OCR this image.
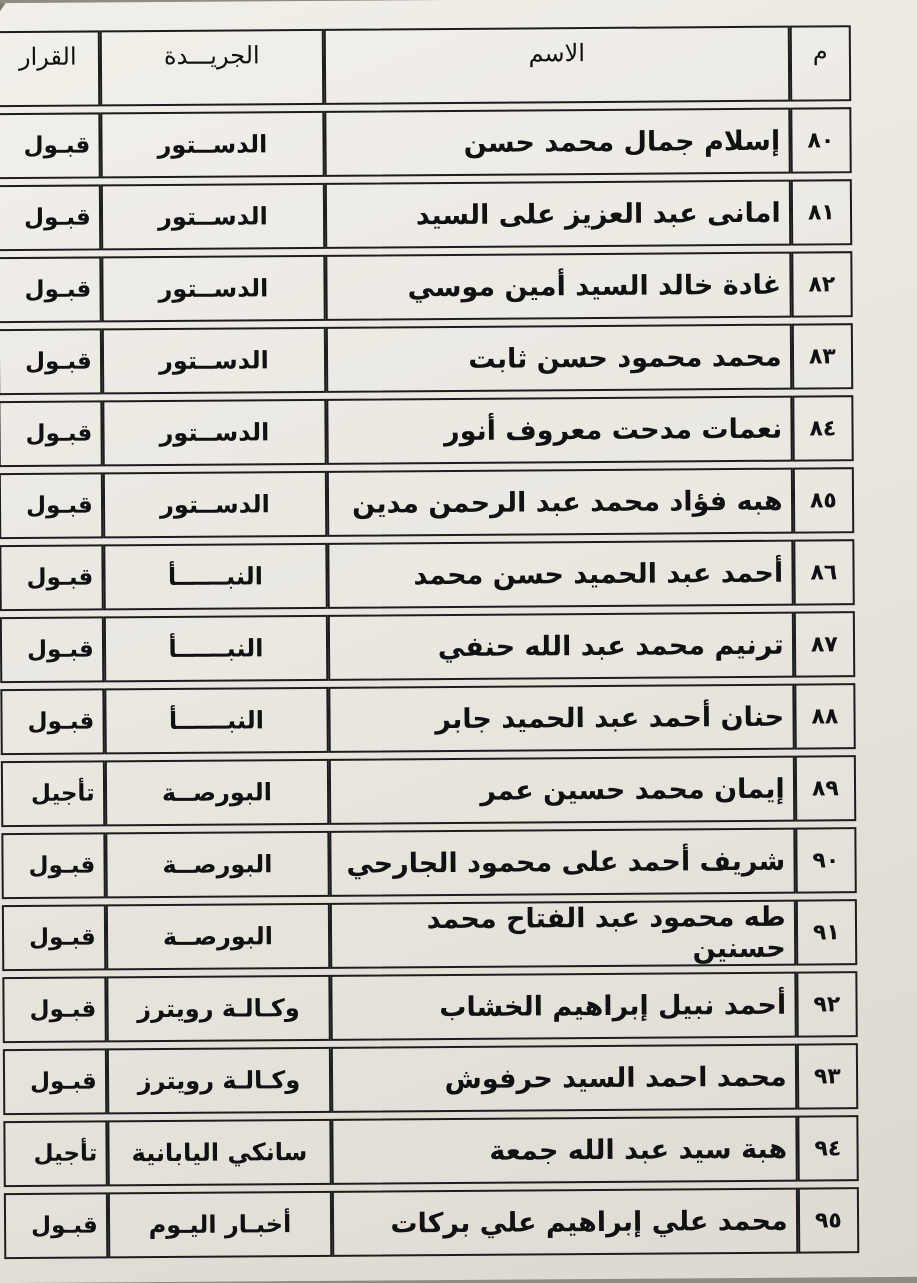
م	الاسم	الجريـــدة	القرار
٨٠	إسلام جمال محمد حسن	الدســتور	قبـول
٨١	امانى عبد العزيز على السيد	الدســتور	قبـول
٨٢	غادة خالد السيد أمين موسي	الدســتور	قبـول
٨٣	محمد محمود حسن ثابت	الدســتور	قبـول
٨٤	نعمات مدحت معروف أنور	الدســتور	قبـول
٨٥	هبه فؤاد محمد عبد الرحمن مدين	الدســتور	قبـول
٨٦	أحمد عبد الحميد حسن محمد	النبــــــأ	قبـول
٨٧	ترنيم محمد عبد الله حنفي	النبــــــأ	قبـول
٨٨	حنان أحمد عبد الحميد جابر	النبــــــأ	قبـول
٨٩	إيمان محمد حسين عمر	البورصــة	تأجيل
٩٠	شريف أحمد على محمود الجارحي	البورصــة	قبـول
٩١	طه محمود عبد الفتاح محمد حسنين	البورصــة	قبـول
٩٢	أحمد نبيل إبراهيم الخشاب	وكـالـة رويترز	قبـول
٩٣	محمد احمد السيد حرفوش	وكـالـة رويترز	قبـول
٩٤	هبة سيد عبد الله جمعة	سانكي اليابانية	تأجيل
٩٥	محمد علي إبراهيم علي بركات	أخبـار اليـوم	قبـول
